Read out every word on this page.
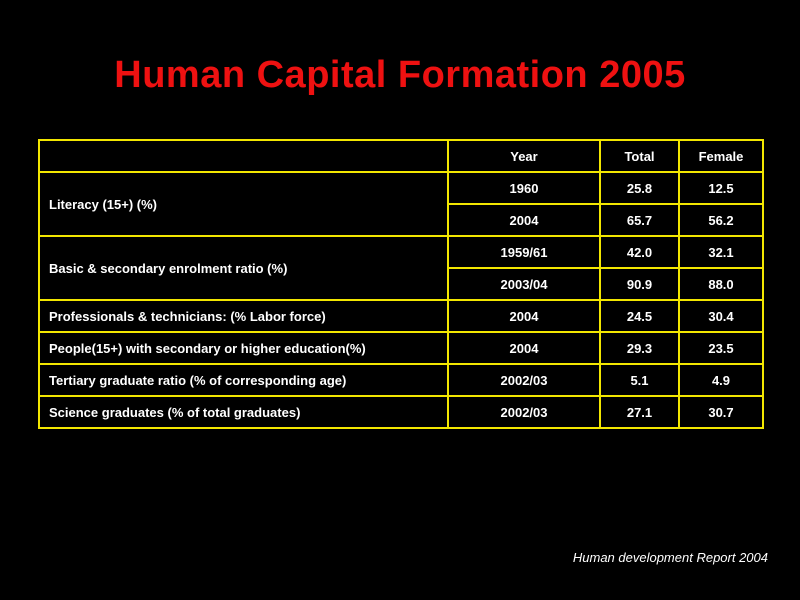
Human Capital Formation 2005
	Year	Total	Female
Literacy (15+) (%)	1960	25.8	12.5
	2004	65.7	56.2
Basic & secondary enrolment ratio (%)	1959/61	42.0	32.1
	2003/04	90.9	88.0
Professionals & technicians: (% Labor force)	2004	24.5	30.4
People(15+) with secondary or higher education(%)	2004	29.3	23.5
Tertiary graduate ratio (% of corresponding age)	2002/03	5.1	4.9
Science graduates (% of total graduates)	2002/03	27.1	30.7
Human development Report 2004
